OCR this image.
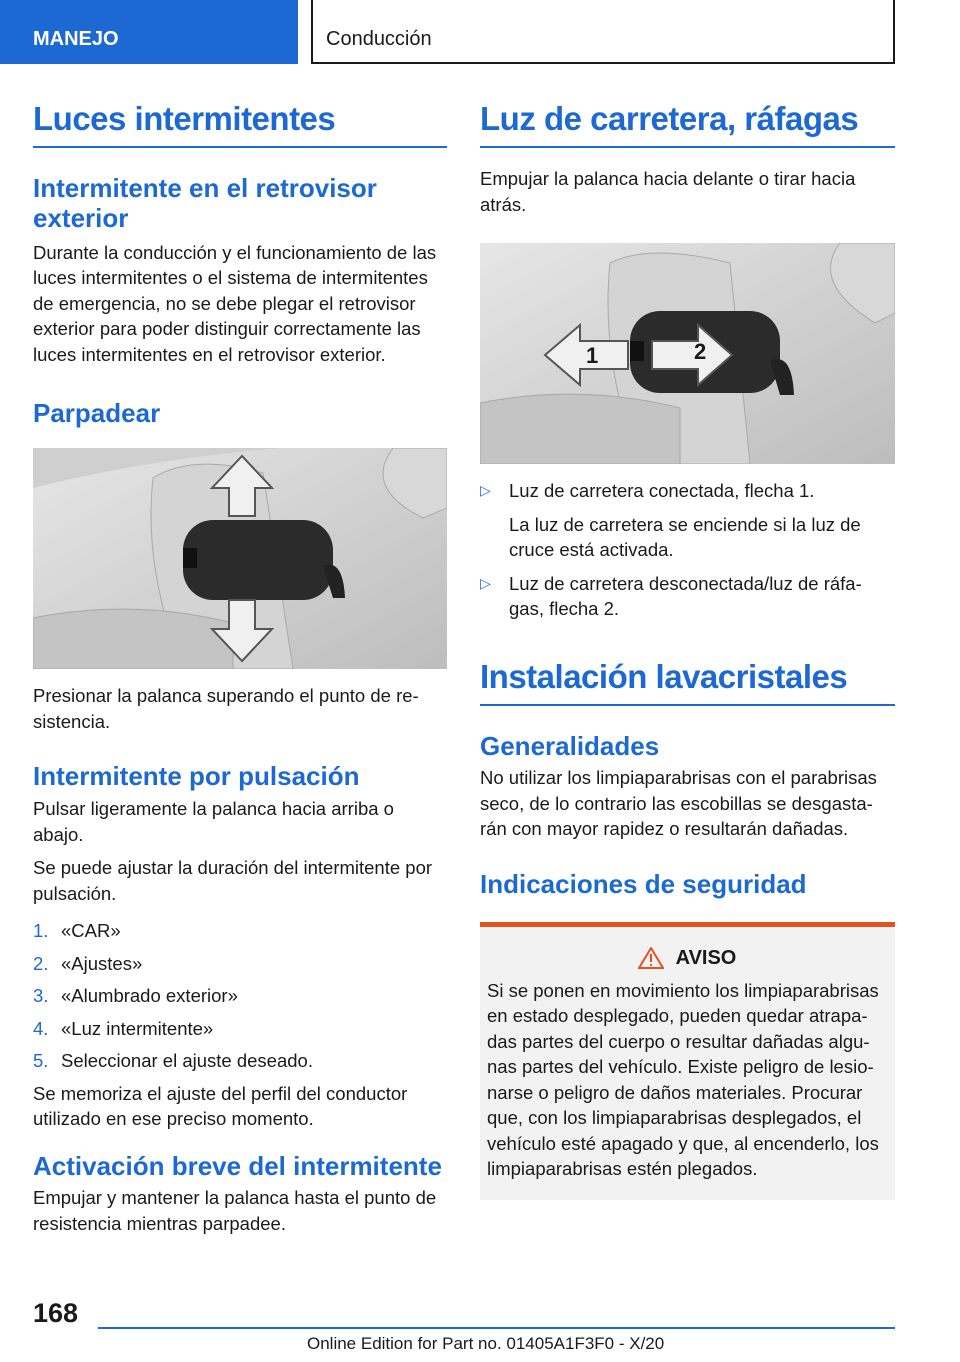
MANEJO	Conducción
Luces intermitentes
Intermitente en el retrovisor exterior

Durante la conducción y el funcionamiento de las luces intermitentes o el sistema de intermitentes de emergencia, no se debe plegar el retrovisor exterior para poder distinguir correctamente las luces intermitentes en el retrovisor exterior.

Parpadear

Presionar la palanca superando el punto de re-sistencia.

Intermitente por pulsación

Pulsar ligeramente la palanca hacia arriba o abajo.

Se puede ajustar la duración del intermitente por pulsación.

1. «CAR»
2. «Ajustes»
3. «Alumbrado exterior»
4. «Luz intermitente»
5. Seleccionar el ajuste deseado.

Se memoriza el ajuste del perfil del conductor utilizado en ese preciso momento.

Activación breve del intermitente

Empujar y mantener la palanca hasta el punto de resistencia mientras parpadee.

Luz de carretera, ráfagas

Empujar la palanca hacia delante o tirar hacia atrás.

1	2
▷ Luz de carretera conectada, flecha 1.
La luz de carretera se enciende si la luz de cruce está activada.
▷ Luz de carretera desconectada/luz de ráfa-gas, flecha 2.
Instalación lavacristales
Generalidades

No utilizar los limpiaparabrisas con el parabrisas seco, de lo contrario las escobillas se desgasta-rán con mayor rapidez o resultarán dañadas.

Indicaciones de seguridad
AVISO

Si se ponen en movimiento los limpiaparabrisas en estado desplegado, pueden quedar atrapa-das partes del cuerpo o resultar dañadas algu-nas partes del vehículo. Existe peligro de lesio-narse o peligro de daños materiales. Procurar que, con los limpiaparabrisas desplegados, el vehículo esté apagado y que, al encenderlo, los limpiaparabrisas estén plegados.

168
Online Edition for Part no. 01405A1F3F0 - X/20
